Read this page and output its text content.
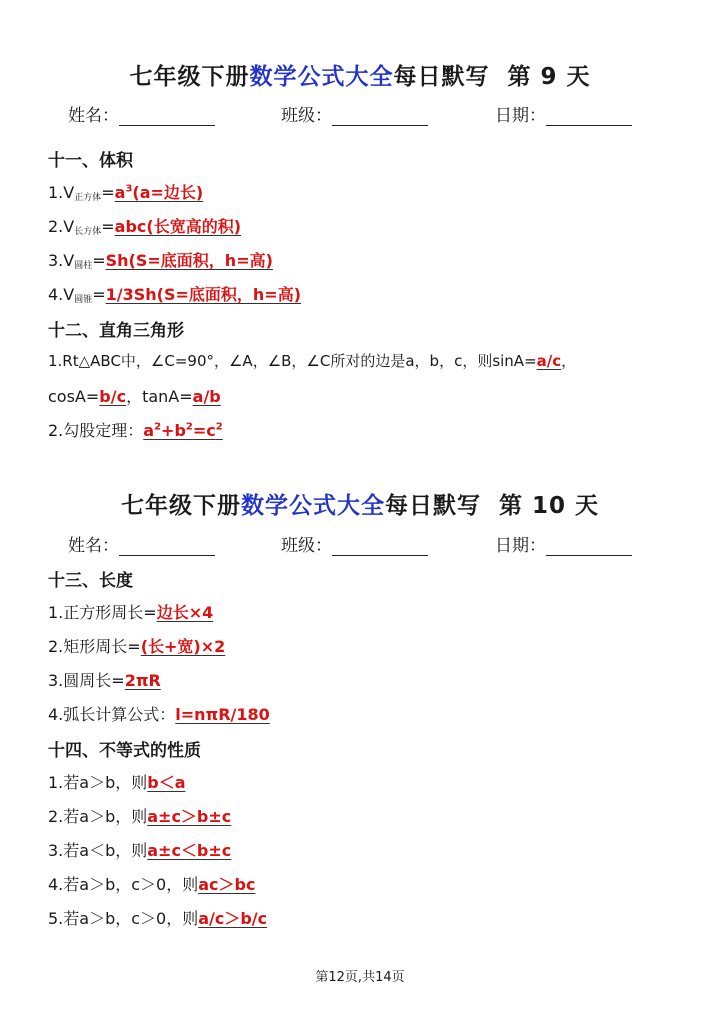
七年级下册数学公式大全每日默写 第 9 天
姓名：	班级：	日期：
十一、体积
$1.V_{正方体}=a^3(a=$边长)
$2.V_{长方体}=abc$(长宽高的积)
$3.V_{圆柱}=Sh(S=$底面积，h=高)
$4.V_{圆锥}=1/3Sh(S=$底面积，h=高)
十二、直角三角形
1.Rt△ABC中，∠C=90°，∠A，∠B，∠C所对的边是a，b，c，则sinA=a/c，
cosA=b/c，tanA=a/b
2.勾股定理：$a^2+b^2=c^2$
七年级下册数学公式大全每日默写 第 10 天
姓名：	班级：	日期：
十三、长度
1.正方形周长=边长×4
2.矩形周长=(长+宽)×2
3.圆周长=2πR
4.弧长计算公式：l=nπR/180
十四、不等式的性质
1.若a＞b，则b＜a
2.若a＞b，则a±c＞b±c
3.若a＜b，则a±c＜b±c
4.若a＞b，c＞0，则ac＞bc
5.若a＞b，c＞0，则a/c＞b/c
第12页,共14页
